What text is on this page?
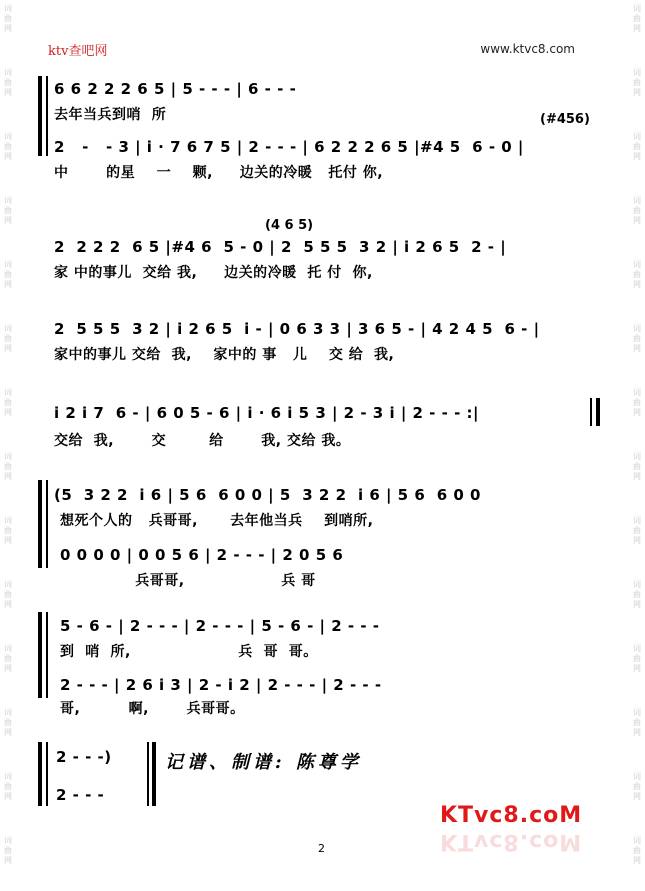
词
曲
网
词
曲
网
词
曲
网
词
曲
网
词
曲
网
词
曲
网
词
曲
网
词
曲
网
词
曲
网
词
曲
网
词
曲
网
词
曲
网
词
曲
网
词
曲
网
词
曲
网
词
曲
网
词
曲
网
词
曲
网
词
曲
网
词
曲
网
词
曲
网
词
曲
网
词
曲
网
词
曲
网
词
曲
网
词
曲
网
词
曲
网
词
曲
网
ktv查吧网	www.ktvc8.com
6 6 2 2 2 6 5 | 5 - - - | 6 - - -
去年当兵到哨  所	(#456)
2   -   - 3 | i · 7 6 7 5 | 2 - - - | 6 2 2 2 6 5 |#4 5  6 - 0 |
中       的星    一    颗,     边关的冷暖   托付 你,
(4 6 5)
2  2 2 2  6 5 |#4 6  5 - 0 | 2  5 5 5  3 2 | i 2 6 5  2 - |
家 中的事儿  交给 我,     边关的冷暖  托 付  你,
2  5 5 5  3 2 | i 2 6 5  i - | 0 6 3 3 | 3 6 5 - | 4 2 4 5  6 - |
家中的事儿 交给  我,    家中的 事   儿    交 给  我,
i 2 i 7  6 - | 6 0 5 - 6 | i · 6 i 5 3 | 2 - 3 i | 2 - - - :|
交给  我,       交        给       我, 交给 我。
(5  3 2 2  i 6 | 5 6  6 0 0 | 5  3 2 2  i 6 | 5 6  6 0 0
想死个人的   兵哥哥,      去年他当兵    到哨所,
0 0 0 0 | 0 0 5 6 | 2 - - - | 2 0 5 6
兵哥哥,                  兵 哥
5 - 6 - | 2 - - - | 2 - - - | 5 - 6 - | 2 - - -
到  哨  所,                    兵  哥  哥。
2 - - - | 2 6 i 3 | 2 - i 2 | 2 - - - | 2 - - -
哥,         啊,       兵哥哥。
2 - - -)
2 - - -
记谱、制谱: 陈尊学
KTvc8.coM
KTvc8.coM
2
